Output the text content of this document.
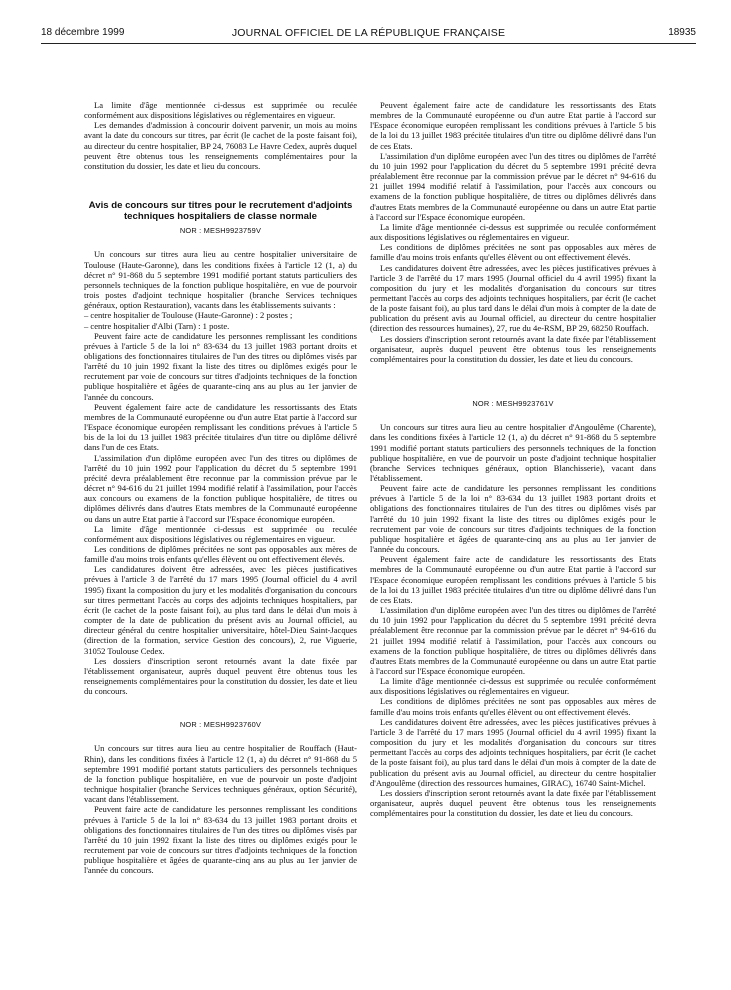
18 décembre 1999	JOURNAL OFFICIEL DE LA RÉPUBLIQUE FRANÇAISE	18935

La limite d'âge mentionnée ci-dessus est supprimée ou reculée conformément aux dispositions législatives ou réglementaires en vigueur.

Les demandes d'admission à concourir doivent parvenir, un mois au moins avant la date du concours sur titres, par écrit (le cachet de la poste faisant foi), au directeur du centre hospitalier, BP 24, 76083 Le Havre Cedex, auprès duquel peuvent être obtenus tous les renseignements complémentaires pour la constitution du dossier, les date et lieu du concours.

Avis de concours sur titres pour le recrutement d'adjoints techniques hospitaliers de classe normale
NOR : MESH9923759V

Un concours sur titres aura lieu au centre hospitalier universitaire de Toulouse (Haute-Garonne), dans les conditions fixées à l'article 12 (1, a) du décret n° 91-868 du 5 septembre 1991 modifié portant statuts particuliers des personnels techniques de la fonction publique hospitalière, en vue de pourvoir trois postes d'adjoint technique hospitalier (branche Services techniques généraux, option Restauration), vacants dans les établissements suivants :

– centre hospitalier de Toulouse (Haute-Garonne) : 2 postes ;

– centre hospitalier d'Albi (Tarn) : 1 poste.

Peuvent faire acte de candidature les personnes remplissant les conditions prévues à l'article 5 de la loi n° 83-634 du 13 juillet 1983 portant droits et obligations des fonctionnaires titulaires de l'un des titres ou diplômes visés par l'arrêté du 10 juin 1992 fixant la liste des titres ou diplômes exigés pour le recrutement par voie de concours sur titres d'adjoints techniques de la fonction publique hospitalière et âgées de quarante-cinq ans au plus au 1er janvier de l'année du concours.

Peuvent également faire acte de candidature les ressortissants des Etats membres de la Communauté européenne ou d'un autre Etat partie à l'accord sur l'Espace économique européen remplissant les conditions prévues à l'article 5 bis de la loi du 13 juillet 1983 précitée titulaires d'un titre ou diplôme délivré dans l'un de ces Etats.

L'assimilation d'un diplôme européen avec l'un des titres ou diplômes de l'arrêté du 10 juin 1992 pour l'application du décret du 5 septembre 1991 précité devra préalablement être reconnue par la commission prévue par le décret n° 94-616 du 21 juillet 1994 modifié relatif à l'assimilation, pour l'accès aux concours ou examens de la fonction publique hospitalière, de titres ou diplômes délivrés dans d'autres Etats membres de la Communauté européenne ou dans un autre Etat partie à l'accord sur l'Espace économique européen.

La limite d'âge mentionnée ci-dessus est supprimée ou reculée conformément aux dispositions législatives ou réglementaires en vigueur.

Les conditions de diplômes précitées ne sont pas opposables aux mères de famille d'au moins trois enfants qu'elles élèvent ou ont effectivement élevés.

Les candidatures doivent être adressées, avec les pièces justificatives prévues à l'article 3 de l'arrêté du 17 mars 1995 (Journal officiel du 4 avril 1995) fixant la composition du jury et les modalités d'organisation du concours sur titres permettant l'accès au corps des adjoints techniques hospitaliers, par écrit (le cachet de la poste faisant foi), au plus tard dans le délai d'un mois à compter de la date de publication du présent avis au Journal officiel, au directeur général du centre hospitalier universitaire, hôtel-Dieu Saint-Jacques (direction de la formation, service Gestion des concours), 2, rue Viguerie, 31052 Toulouse Cedex.

Les dossiers d'inscription seront retournés avant la date fixée par l'établissement organisateur, auprès duquel peuvent être obtenus tous les renseignements complémentaires pour la constitution du dossier, les date et lieu du concours.

NOR : MESH9923760V

Un concours sur titres aura lieu au centre hospitalier de Rouffach (Haut-Rhin), dans les conditions fixées à l'article 12 (1, a) du décret n° 91-868 du 5 septembre 1991 modifié portant statuts particuliers des personnels techniques de la fonction publique hospitalière, en vue de pourvoir un poste d'adjoint technique hospitalier (branche Services techniques généraux, option Sécurité), vacant dans l'établissement.

Peuvent faire acte de candidature les personnes remplissant les conditions prévues à l'article 5 de la loi n° 83-634 du 13 juillet 1983 portant droits et obligations des fonctionnaires titulaires de l'un des titres ou diplômes visés par l'arrêté du 10 juin 1992 fixant la liste des titres ou diplômes exigés pour le recrutement par voie de concours sur titres d'adjoints techniques de la fonction publique hospitalière et âgées de quarante-cinq ans au plus au 1er janvier de l'année du concours.

Peuvent également faire acte de candidature les ressortissants des Etats membres de la Communauté européenne ou d'un autre Etat partie à l'accord sur l'Espace économique européen remplissant les conditions prévues à l'article 5 bis de la loi du 13 juillet 1983 précitée titulaires d'un titre ou diplôme délivré dans l'un de ces Etats.

L'assimilation d'un diplôme européen avec l'un des titres ou diplômes de l'arrêté du 10 juin 1992 pour l'application du décret du 5 septembre 1991 précité devra préalablement être reconnue par la commission prévue par le décret n° 94-616 du 21 juillet 1994 modifié relatif à l'assimilation, pour l'accès aux concours ou examens de la fonction publique hospitalière, de titres ou diplômes délivrés dans d'autres Etats membres de la Communauté européenne ou dans un autre Etat partie à l'accord sur l'Espace économique européen.

La limite d'âge mentionnée ci-dessus est supprimée ou reculée conformément aux dispositions législatives ou réglementaires en vigueur.

Les conditions de diplômes précitées ne sont pas opposables aux mères de famille d'au moins trois enfants qu'elles élèvent ou ont effectivement élevés.

Les candidatures doivent être adressées, avec les pièces justificatives prévues à l'article 3 de l'arrêté du 17 mars 1995 (Journal officiel du 4 avril 1995) fixant la composition du jury et les modalités d'organisation du concours sur titres permettant l'accès au corps des adjoints techniques hospitaliers, par écrit (le cachet de la poste faisant foi), au plus tard dans le délai d'un mois à compter de la date de publication du présent avis au Journal officiel, au directeur du centre hospitalier (direction des ressources humaines), 27, rue du 4e-RSM, BP 29, 68250 Rouffach.

Les dossiers d'inscription seront retournés avant la date fixée par l'établissement organisateur, auprès duquel peuvent être obtenus tous les renseignements complémentaires pour la constitution du dossier, les date et lieu du concours.

NOR : MESH9923761V

Un concours sur titres aura lieu au centre hospitalier d'Angoulême (Charente), dans les conditions fixées à l'article 12 (1, a) du décret n° 91-868 du 5 septembre 1991 modifié portant statuts particuliers des personnels techniques de la fonction publique hospitalière, en vue de pourvoir un poste d'adjoint technique hospitalier (branche Services techniques généraux, option Blanchisserie), vacant dans l'établissement.

Peuvent faire acte de candidature les personnes remplissant les conditions prévues à l'article 5 de la loi n° 83-634 du 13 juillet 1983 portant droits et obligations des fonctionnaires titulaires de l'un des titres ou diplômes visés par l'arrêté du 10 juin 1992 fixant la liste des titres ou diplômes exigés pour le recrutement par voie de concours sur titres d'adjoints techniques de la fonction publique hospitalière et âgées de quarante-cinq ans au plus au 1er janvier de l'année du concours.

Peuvent également faire acte de candidature les ressortissants des Etats membres de la Communauté européenne ou d'un autre Etat partie à l'accord sur l'Espace économique européen remplissant les conditions prévues à l'article 5 bis de la loi du 13 juillet 1983 précitée titulaires d'un titre ou diplôme délivré dans l'un de ces Etats.

L'assimilation d'un diplôme européen avec l'un des titres ou diplômes de l'arrêté du 10 juin 1992 pour l'application du décret du 5 septembre 1991 précité devra préalablement être reconnue par la commission prévue par le décret n° 94-616 du 21 juillet 1994 modifié relatif à l'assimilation, pour l'accès aux concours ou examens de la fonction publique hospitalière, de titres ou diplômes délivrés dans d'autres Etats membres de la Communauté européenne ou dans un autre Etat partie à l'accord sur l'Espace économique européen.

La limite d'âge mentionnée ci-dessus est supprimée ou reculée conformément aux dispositions législatives ou réglementaires en vigueur.

Les conditions de diplômes précitées ne sont pas opposables aux mères de famille d'au moins trois enfants qu'elles élèvent ou ont effectivement élevés.

Les candidatures doivent être adressées, avec les pièces justificatives prévues à l'article 3 de l'arrêté du 17 mars 1995 (Journal officiel du 4 avril 1995) fixant la composition du jury et les modalités d'organisation du concours sur titres permettant l'accès au corps des adjoints techniques hospitaliers, par écrit (le cachet de la poste faisant foi), au plus tard dans le délai d'un mois à compter de la date de publication du présent avis au Journal officiel, au directeur du centre hospitalier d'Angoulême (direction des ressources humaines, GIRAC), 16740 Saint-Michel.

Les dossiers d'inscription seront retournés avant la date fixée par l'établissement organisateur, auprès duquel peuvent être obtenus tous les renseignements complémentaires pour la constitution du dossier, les date et lieu du concours.
